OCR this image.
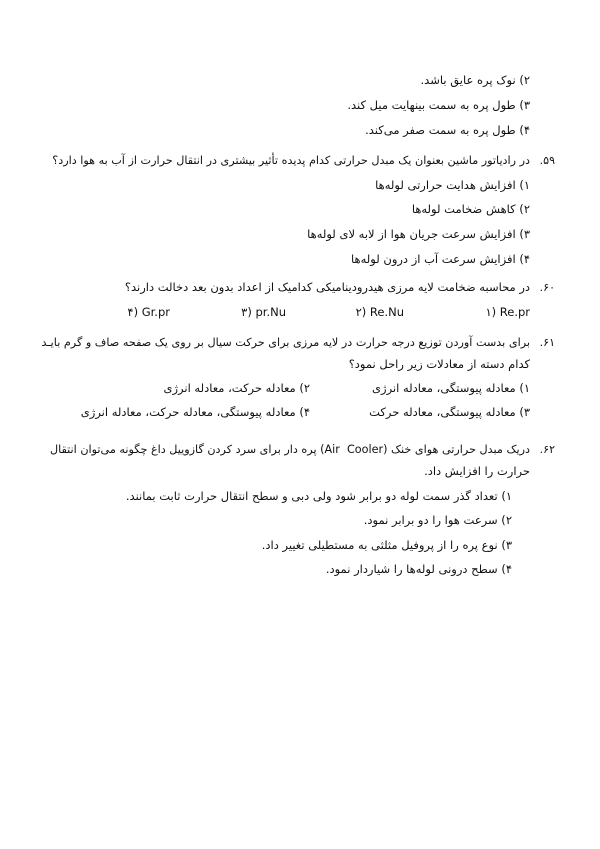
۲) نوک پره عایق باشد.
۳) طول پره به سمت بینهایت میل کند.
۴) طول پره به سمت صفر می‌کند.
.۵۹
در رادیاتور ماشین بعنوان یک مبدل حرارتی کدام پدیده تأثیر بیشتری در انتقال حرارت از آب به هوا دارد؟
۱) افزایش هدایت حرارتی لوله‌ها
۲) کاهش ضخامت لوله‌ها
۳) افزایش سرعت جریان هوا از لابه لای لوله‌ها
۴) افزایش سرعت آب از درون لوله‌ها
.۶۰
در محاسبه ضخامت لایه مرزی هیدرودینامیکی کدامیک از اعداد بدون بعد دخالت دارند؟
۱) Re.pr
۲) Re.Nu
۳) pr.Nu
۴) Gr.pr
.۶۱
برای بدست آوردن توزیع درجه حرارت در لایه مرزی برای حرکت سیال بر روی یک صفحه صاف و گرم بایـد
کدام دسته از معادلات زیر راحل نمود؟
۱) معادله پیوستگی، معادله انرژی
۲) معادله حرکت، معادله انرژی
۳) معادله پیوستگی، معادله حرکت
۴) معادله پیوستگی، معادله حرکت، معادله انرژی
.۶۲
دریک مبدل حرارتی هوای خنک (Air  Cooler) پره دار برای سرد کردن گازوییل داغ چگونه می‌توان انتقال
حرارت را افزایش داد.
۱) تعداد گذر سمت لوله دو برابر شود ولی دبی و سطح انتقال حرارت ثابت بمانند.
۲) سرعت هوا را دو برابر نمود.
۳) نوع پره را از پروفیل مثلثی به مستطیلی تغییر داد.
۴) سطح درونی لوله‌ها را شیاردار نمود.
